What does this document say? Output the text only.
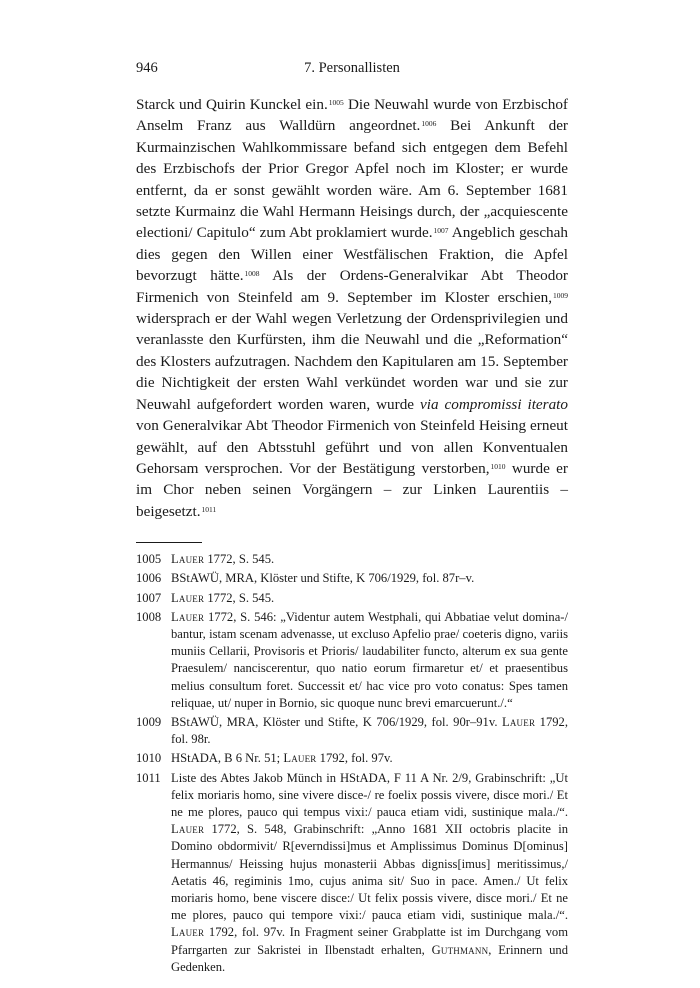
946	7. Personallisten

Starck und Quirin Kunckel ein.$^{1005}$ Die Neuwahl wurde von Erzbischof Anselm Franz aus Walldürn angeordnet.$^{1006}$ Bei Ankunft der Kurmainzischen Wahlkommissare befand sich entgegen dem Befehl des Erzbischofs der Prior Gregor Apfel noch im Kloster; er wurde entfernt, da er sonst gewählt worden wäre. Am 6. September 1681 setzte Kurmainz die Wahl Hermann Heisings durch, der „acquiescente electioni/ Capitulo“ zum Abt proklamiert wurde.$^{1007}$ Angeblich geschah dies gegen den Willen einer Westfälischen Fraktion, die Apfel bevorzugt hätte.$^{1008}$ Als der Ordens-Generalvikar Abt Theodor Firmenich von Steinfeld am 9. September im Kloster erschien,$^{1009}$ widersprach er der Wahl wegen Verletzung der Ordensprivilegien und veranlasste den Kurfürsten, ihm die Neuwahl und die „Reformation“ des Klosters aufzutragen. Nachdem den Kapitularen am 15. September die Nichtigkeit der ersten Wahl verkündet worden war und sie zur Neuwahl aufgefordert worden waren, wurde via compromissi iterato von Generalvikar Abt Theodor Firmenich von Steinfeld Heising erneut gewählt, auf den Abtsstuhl geführt und von allen Konventualen Gehorsam versprochen. Vor der Bestätigung verstorben,$^{1010}$ wurde er im Chor neben seinen Vorgängern – zur Linken Laurentiis – beigesetzt.$^{1011}$

1005 Lauer 1772, S. 545.
1006 BStAWÜ, MRA, Klöster und Stifte, K 706/1929, fol. 87r–v.
1007 Lauer 1772, S. 545.
1008 Lauer 1772, S. 546: „Videntur autem Westphali, qui Abbatiae velut domina-/ bantur, istam scenam advenasse, ut excluso Apfelio prae/ coeteris digno, variis muniis Cellarii, Provisoris et Prioris/ laudabiliter functo, alterum ex sua gente Praesulem/ nanciscerentur, quo natio eorum firmaretur et/ et praesentibus melius consultum foret. Successit et/ hac vice pro voto conatus: Spes tamen reliquae, ut/ nuper in Bornio, sic quoque nunc brevi emarcuerunt./.“
1009 BStAWÜ, MRA, Klöster und Stifte, K 706/1929, fol. 90r–91v. Lauer 1792, fol. 98r.
1010 HStADA, B 6 Nr. 51; Lauer 1792, fol. 97v.
1011 Liste des Abtes Jakob Münch in HStADA, F 11 A Nr. 2/9, Grabinschrift: „Ut felix moriaris homo, sine vivere disce-/ re foelix possis vivere, disce mori./ Et ne me plores, pauco qui tempus vixi:/ pauca etiam vidi, sustinique mala./“. Lauer 1772, S. 548, Grabinschrift: „Anno 1681 XII octobris placite in Domino obdormivit/ R[everndissi]mus et Amplissimus Dominus D[ominus] Hermannus/ Heissing hujus monasterii Abbas digniss[imus] meritissimus,/ Aetatis 46, regiminis 1mo, cujus anima sit/ Suo in pace. Amen./ Ut felix moriaris homo, bene viscere disce:/ Ut felix possis vivere, disce mori./ Et ne me plores, pauco qui tempore vixi:/ pauca etiam vidi, sustinique mala./“. Lauer 1792, fol. 97v. In Fragment seiner Grabplatte ist im Durchgang vom Pfarrgarten zur Sakristei in Ilbenstadt erhalten, Guthmann, Erinnern und Gedenken.
